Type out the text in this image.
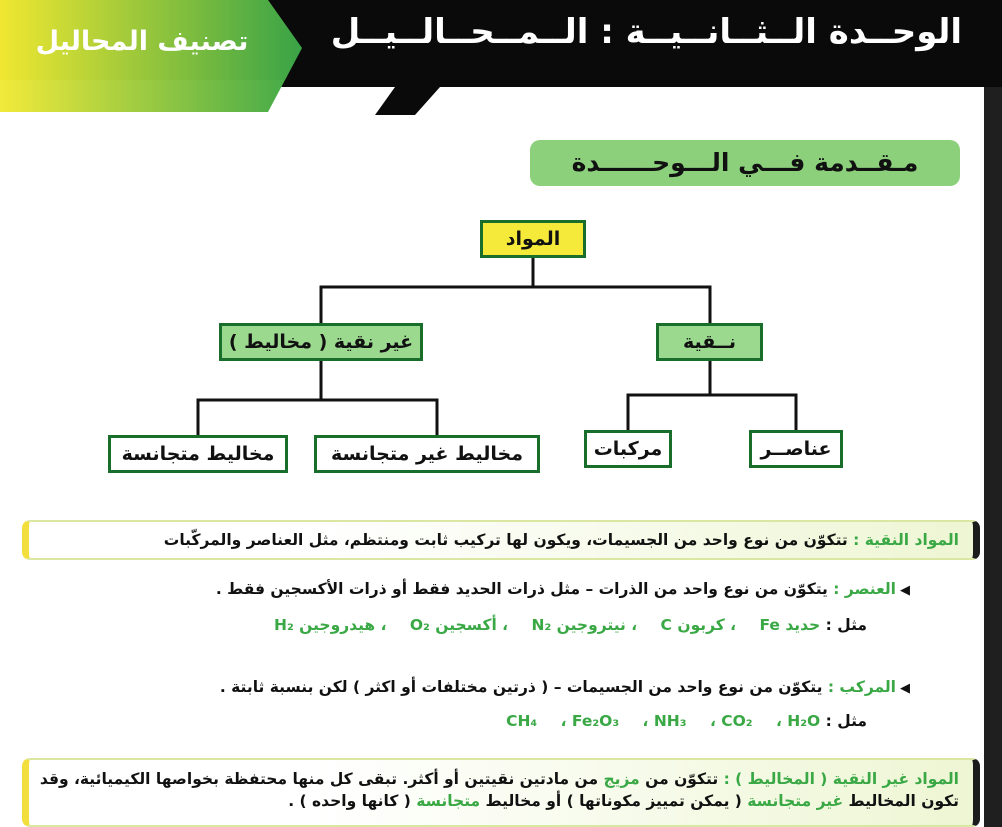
الوحــدة الــثــانــيــة : الــمــحــالــيــل
تصنيف المحاليل
مـقــدمة فـــي الـــوحــــــدة
المواد
نــقية
غير نقية ( مخاليط )
عناصــر
مركبات
مخاليط غير متجانسة
مخاليط متجانسة
المواد النقية : تتكوّن من نوع واحد من الجسيمات، ويكون لها تركيب ثابت ومنتظم، مثل العناصر والمركّبات
◀العنصر : يتكوّن من نوع واحد من الذرات – مثل ذرات الحديد فقط أو ذرات الأكسجين فقط .
مثل : حديد Fe ، كربون C ، نيتروجين N₂ ، أكسجين O₂ ، هيدروجين H₂
◀المركب : يتكوّن من نوع واحد من الجسيمات – ( ذرتين مختلفات أو اكثر ) لكن بنسبة ثابتة .
مثل : CH₄ ، Fe₂O₃ ، NH₃ ، CO₂ ، H₂O
المواد غير النقية ( المخاليط ) : تتكوّن من مزيج من مادتين نقيتين أو أكثر. تبقى كل منها محتفظة بخواصها الكيميائية، وقد تكون المخاليط غير متجانسة ( يمكن تمييز مكوناتها ) أو مخاليط متجانسة ( كانها واحده ) .
